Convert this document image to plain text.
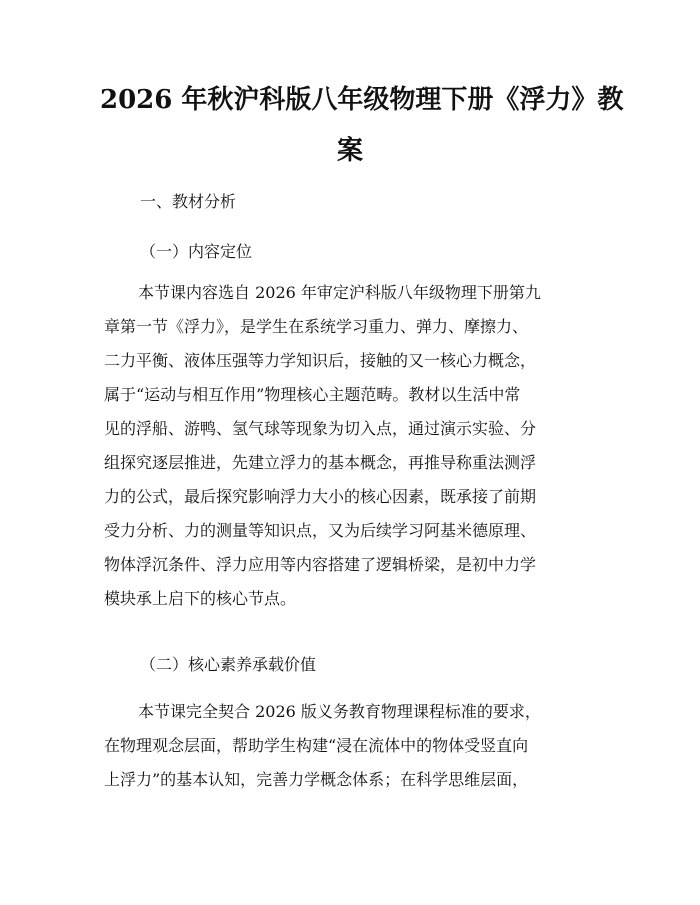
2026 年秋沪科版八年级物理下册《浮力》教
案

一、教材分析

（一）内容定位

本节课内容选自 2026 年审定沪科版八年级物理下册第九
章第一节《浮力》，是学生在系统学习重力、弹力、摩擦力、
二力平衡、液体压强等力学知识后，接触的又一核心力概念，
属于“运动与相互作用”物理核心主题范畴。教材以生活中常
见的浮船、游鸭、氢气球等现象为切入点，通过演示实验、分
组探究逐层推进，先建立浮力的基本概念，再推导称重法测浮
力的公式，最后探究影响浮力大小的核心因素，既承接了前期
受力分析、力的测量等知识点，又为后续学习阿基米德原理、
物体浮沉条件、浮力应用等内容搭建了逻辑桥梁，是初中力学
模块承上启下的核心节点。

（二）核心素养承载价值

本节课完全契合 2026 版义务教育物理课程标准的要求，
在物理观念层面，帮助学生构建“浸在流体中的物体受竖直向
上浮力”的基本认知，完善力学概念体系；在科学思维层面，
